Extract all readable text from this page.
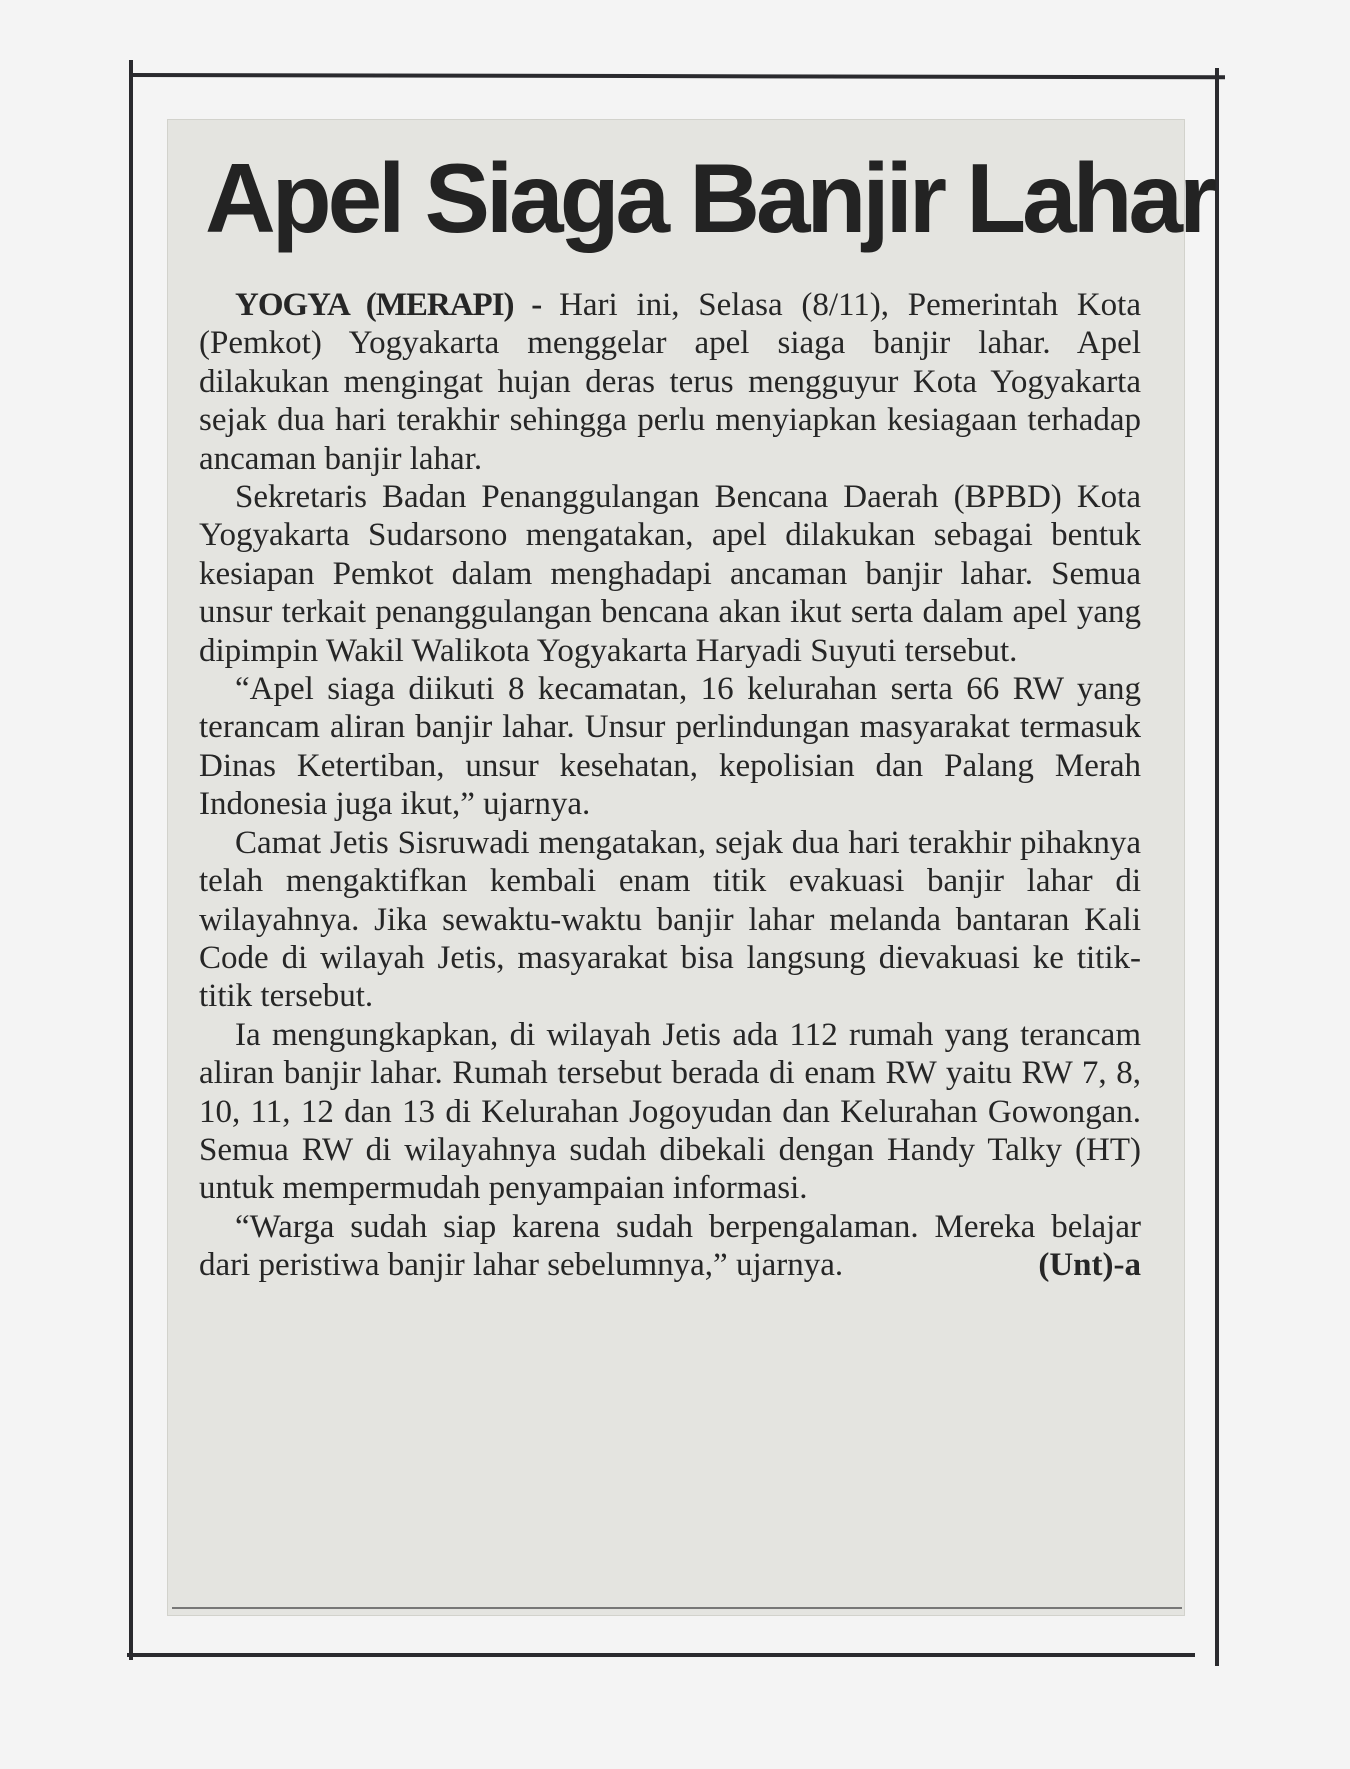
Apel Siaga Banjir Lahar

YOGYA (MERAPI) - Hari ini, Selasa (8/11), Pemerintah Kota (Pemkot) Yogyakarta menggelar apel siaga banjir lahar. Apel dilakukan mengingat hujan deras terus mengguyur Kota Yogyakarta sejak dua hari terakhir sehingga perlu menyiapkan kesiagaan terhadap ancaman banjir lahar.

Sekretaris Badan Penanggulangan Bencana Daerah (BPBD) Kota Yogyakarta Sudarsono mengatakan, apel dilakukan sebagai bentuk kesiapan Pemkot dalam menghadapi ancaman banjir lahar. Semua unsur terkait penanggulangan bencana akan ikut serta dalam apel yang dipimpin Wakil Walikota Yogyakarta Haryadi Suyuti tersebut.

“Apel siaga diikuti 8 kecamatan, 16 kelurahan serta 66 RW yang terancam aliran banjir lahar. Unsur perlindungan masyarakat termasuk Dinas Ketertiban, unsur kesehatan, kepolisian dan Palang Merah Indonesia juga ikut,” ujarnya.

Camat Jetis Sisruwadi mengatakan, sejak dua hari terakhir pihaknya telah mengaktifkan kembali enam titik evakuasi banjir lahar di wilayahnya. Jika sewaktu-waktu banjir lahar melanda bantaran Kali Code di wilayah Jetis, masyarakat bisa langsung dievakuasi ke titik-titik tersebut.

Ia mengungkapkan, di wilayah Jetis ada 112 rumah yang terancam aliran banjir lahar. Rumah tersebut berada di enam RW yaitu RW 7, 8, 10, 11, 12 dan 13 di Kelurahan Jogoyudan dan Kelurahan Gowongan. Semua RW di wilayahnya sudah dibekali dengan Handy Talky (HT) untuk mempermudah penyampaian informasi.

“Warga sudah siap karena sudah berpengalaman. Mereka belajar dari peristiwa banjir lahar sebelumnya,” ujarnya.	(Unt)-a
